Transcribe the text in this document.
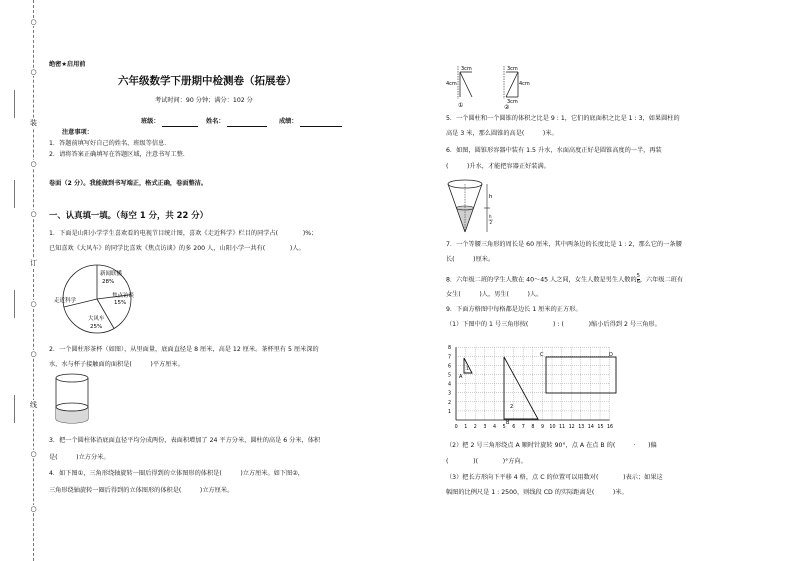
○
○
装
○
○
订
○
○
线
○
○
绝密★启用前
六年级数学下册期中检测卷（拓展卷）
考试时间：90 分钟；满分：102 分
班级：	姓名：	成绩：
注意事项：
1．答题前填写好自己的姓名、班级等信息．
2．请将答案正确填写在答题区域，注意书写工整．
卷面（2 分）。我能做到书写端正，格式正确，卷面整洁。
一、认真填一填。（每空 1 分，共 22 分）
1．下面是山阳小学学生喜欢看的电视节目统计图，喜欢《走近科学》栏目的同学占(　　　　)%；
已知喜欢《大风车》的同学比喜欢《焦点访谈》的多 200 人，山阳小学一共有(　　　　)人。
新闻联播
28%
焦点访谈
15%
大风车
25%
走近科学
2．一个圆柱形茶杯（如图），从里面量，底面直径是 8 厘米，高是 12 厘米。茶杯里有 5 厘米深的
水，水与杯子接触面的面积是(　　　)平方厘米。
3．把一个圆柱体沿底面直径平均分成两份，表面积增加了 24 平方分米，圆柱的高是 6 分米，体积
是(　　　)立方分米。
4．如下图①，三角形绕轴旋转一圈后得到的立体图形的体积是(　　　)立方厘米。如下图②，
三角形绕轴旋转一圈后得到的立体图形的体积是(　　　)立方厘米。
3cm
4cm
①
3cm
4cm
3cm
②
5．一个圆柱和一个圆锥的体积之比是 9 : 1，它们的底面积之比是 1 : 3，如果圆柱的
高是 3 米，那么圆锥的高是(　　　)米。
6．如图，圆锥形容器中装有 1.5 升水，水面高度正好是圆锥高度的一半，再装
(　　　)升水，才能把容器正好装满。
h
h
2
7．一个等腰三角形的周长是 60 厘米，其中两条边的长度比是 1 : 2，那么它的一条腰
长(　　　)厘米。
8．六年级二班的学生人数在 40～45 人之间，女生人数是男生人数的 $\frac{5}{6}$ ，六年级二班有
女生(　　　)人，男生(　　　)人。
9．下面方格图中每格都是边长 1 厘米的正方形。
（1）下图中的 1 号三角形按(　　　　) : (　　　　)缩小后得到 2 号三角形。
A
B
C	D
1
2
0 1 2 3 4 5 6 7 8 9 10 11 12 13 14 15 16
1
2
3
4
5
6
7
8
（2）把 2 号三角形绕点 A 顺时针旋转 90°，点 A 在点 B 的(　　　·　　)偏
(　　　　)(　　　　)°方向。
（3）把长方形向下平移 4 格，点 C 的位置可以用数对(　　　　)表示；如果这
幅图的比例尺是 1 : 2500，则线段 CD 的实际距离是(　　　)米。
